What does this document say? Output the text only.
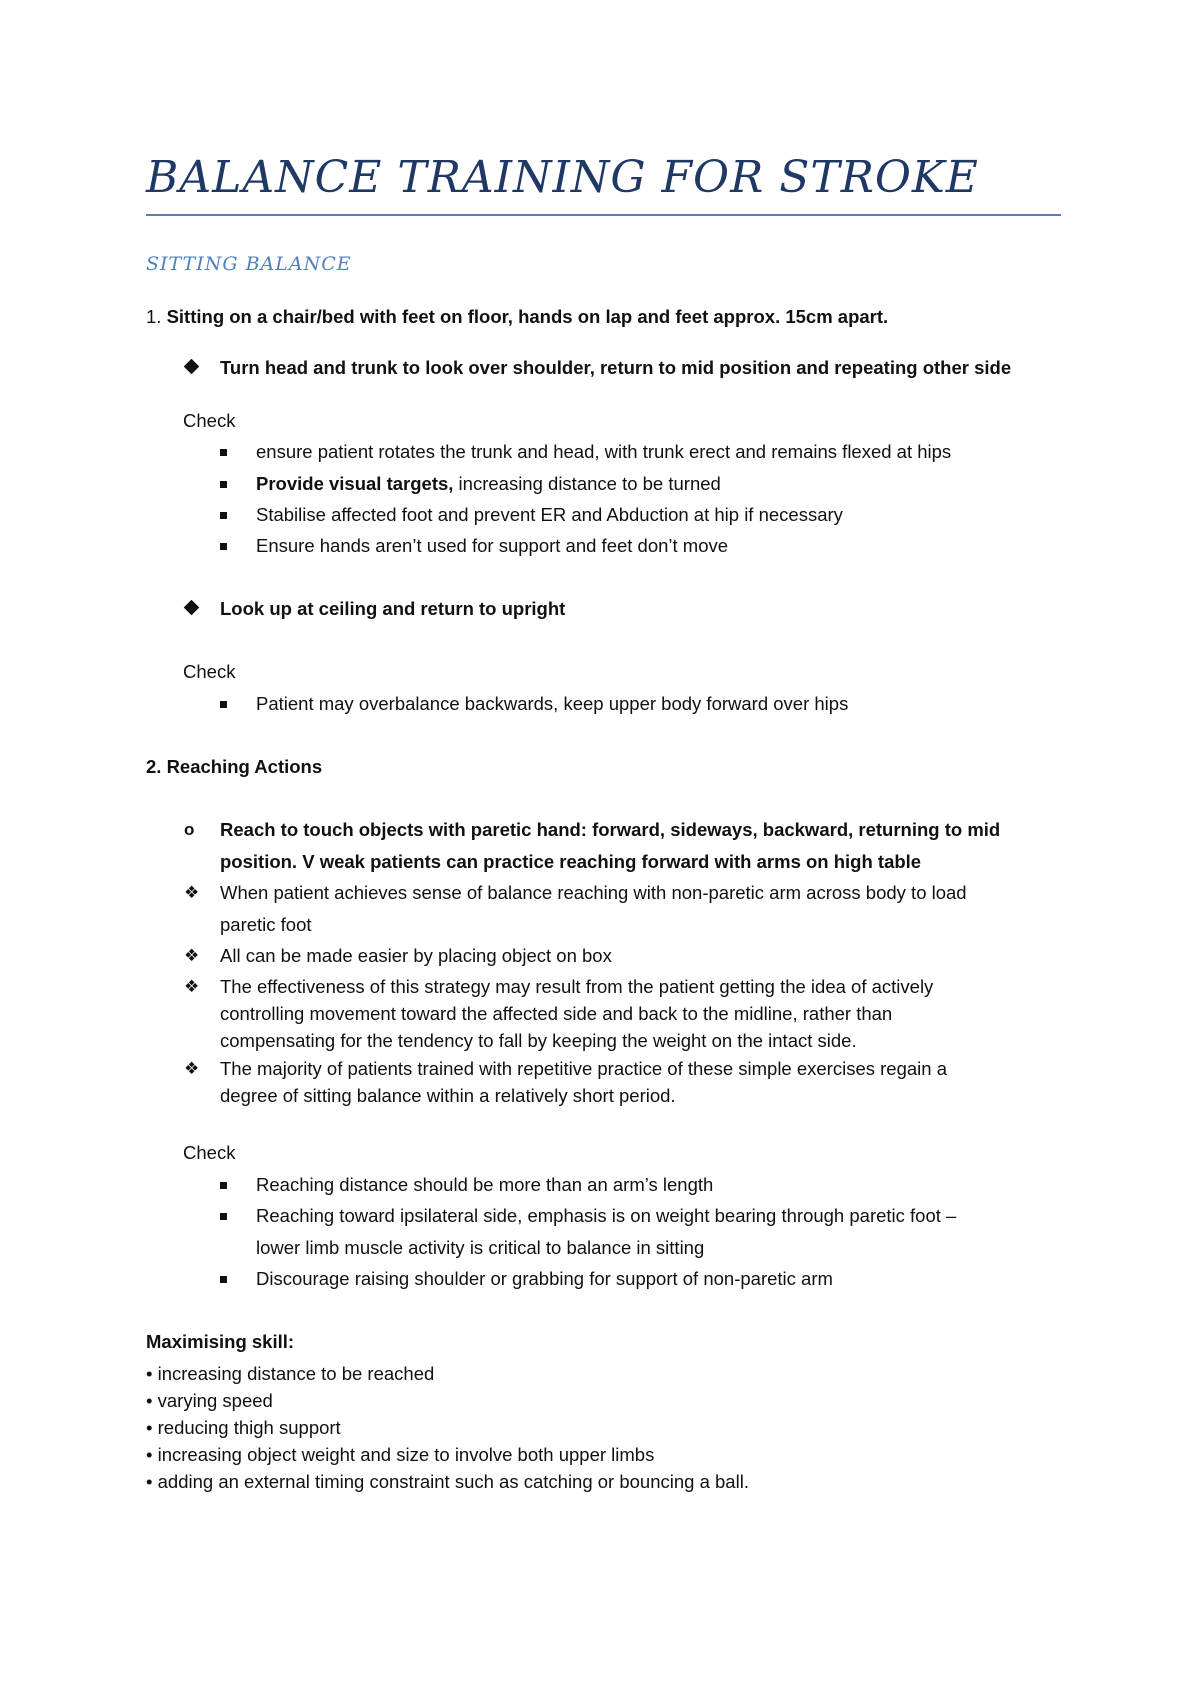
BALANCE TRAINING FOR STROKE
SITTING BALANCE
1. Sitting on a chair/bed with feet on floor, hands on lap and feet approx. 15cm apart.
Turn head and trunk to look over shoulder, return to mid position and repeating other side
Check
ensure patient rotates the trunk and head, with trunk erect and remains flexed at hips
Provide visual targets, increasing distance to be turned
Stabilise affected foot and prevent ER and Abduction at hip if necessary
Ensure hands aren’t used for support and feet don’t move
Look up at ceiling and return to upright
Check
Patient may overbalance backwards, keep upper body forward over hips
2. Reaching Actions
o Reach to touch objects with paretic hand: forward, sideways, backward, returning to mid
position. V weak patients can practice reaching forward with arms on high table
❖ When patient achieves sense of balance reaching with non-paretic arm across body to load
paretic foot
❖ All can be made easier by placing object on box
❖ The effectiveness of this strategy may result from the patient getting the idea of actively
controlling movement toward the affected side and back to the midline, rather than
compensating for the tendency to fall by keeping the weight on the intact side.
❖ The majority of patients trained with repetitive practice of these simple exercises regain a
degree of sitting balance within a relatively short period.
Check
Reaching distance should be more than an arm’s length
Reaching toward ipsilateral side, emphasis is on weight bearing through paretic foot –
lower limb muscle activity is critical to balance in sitting
Discourage raising shoulder or grabbing for support of non-paretic arm
Maximising skill:
• increasing distance to be reached
• varying speed
• reducing thigh support
• increasing object weight and size to involve both upper limbs
• adding an external timing constraint such as catching or bouncing a ball.
